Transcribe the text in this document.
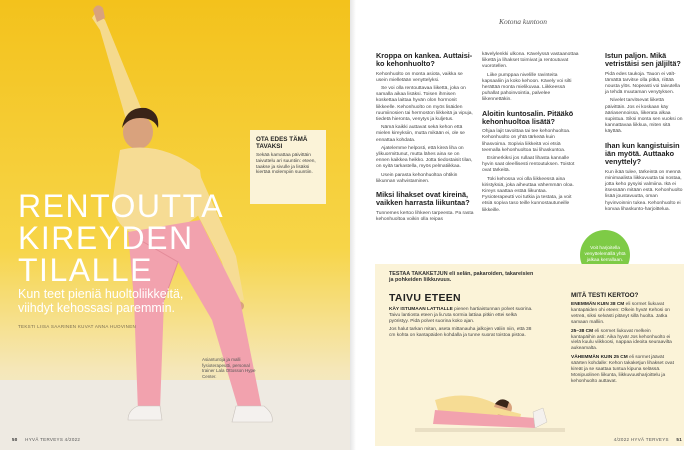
RENTOUTTA
KIREYDEN
TILALLE

Kun teet pieniä huoltoliikkeitä, viihdyt kehossasi paremmin.

TEKSTI LIISA SAARINEN KUVAT ANNA HUOVINEN

OTA EDES TÄMÄ TAVAKSI

Sekää kamattaa päivittäin taivuttelu ari suuntiin: eteen, taakse ja sivulle ja lisäksi kiertää molempiin suuntiin.

Asiantuntija ja malli fysioterapeutti, personal trainer Lala Ottosson Hype Center.

50 HYVÄ TERVEYS 4/2022

Kotona kuntoon

Kroppa on kankea. Auttaisi-ko kehonhuolto?

Kehonhuolto on monta asiota, vaikka se usein mielletään venyttelyksi.

Se voi olla rentouttavaa liikettä, joka on samalla aikaa lisäksi. Toisen ihmisen koskettaa laittaa hyvän olon hormonit liikkeelle. Kehonhuolto on myös lisäiden ruumiinosien tai hermoston liikkeitä ja vipuja, tiedetä hieronta, venytys ja kuljetus.

Nämä kaikki auttavat sekä kehon että mielen kireyksiin, mutta mikään ei, ole se ennattaa kohdata.

Ajatelemme helposti, että kireä liha on ylikuormittunut, mutta lähes aina se on ennen kaikkea heikko. Jotta tiedostaisit tilan, on syitä tarkastella, myös pelmatiikkaa.

Usein parasta kehonhuoltoa ohtikin liikunnan vahvistaminen.

Miksi lihakset ovat kireinä, vaikken harrasta liikuntaa?

Tunnemes kertoo lihkeen tarpeesta. Pa rasta kehonhuoltoa voikin olla reipas

kävelylenkki ulkona. Kävelyssä vastaanottaa liikettä ja lihakset toimivat ja rentoutuvat vuorotellen.

Liike pumppaa nivelille ravinteita kapsaaliin ja koko kehoon. Kävely voi silti herättää monta mielikuvaa. Liikkeessä puhallat pahoinvointia, palvelee liikennettäkin.

Aloitin kuntosalin. Pitääkö kehonhuoltoa lisätä?

Ohjaa lajit tavoittaa tai tee kehonhuoltoa. Kehonhuolto on yhtä tärkeää kuin lihasvoima. Sopivia liikkeitä voi etsiä teemalla kehonhuoltoa tai lihaskuntoa.

Esimerkiksi jos rullaat lihasta kannalle hyvin saat oleellisesti rentoutuksen. Toistot ovat tärkeitä.

Toki kehossa voi olla liikkeessä aina kiristyksiä, joka aiheuttaa vähemmän oloa. Kireys saattaa estää liikuntaa. Fysioterapeutti voi tutkia ja testata, ja voit etsiä sopiva taso teille kunnostautuneille liikkeille.

Istun paljon. Mikä vetristäisi sen jäljiltä?

Pidä edes taukoja. Tauon ei vält-tämättä tarvitse olla pitkä, riittää nousta ylös. Nopeasti voi taivutella ja tehdä muutaman venytyksen.

Nivelet tarvitsevat liikettä päivittäin. Jos ei koskaan käy ääriasennoissa, liikerata alkaa supistua. Siksi monta sen vuoksi on kannattavaa liikkua, miten sitä käyttää.

Ihan kun kangistuisin iän myötä. Auttaako venyttely?

Kun ikää tulee, tärkeintä on mennä minimaalista liikkuvuutta tai nostaa, jotta keho pysyisi valmiina. Ikä ei itsessään mitään estä. Kehonhuolto lisää joustavuutta, oman hyvinvoinnin tukea. Kehonhuolto ei korvaa lihaskunto-harjoittelua.

Voit harjoitella venyttelemällä yhtä jalkaa kerrallaan.

TESTAA TAKAKETJUN eli selän, pakaroiden, takareisien ja pohkeiden liikkuvuus.

TAIVU ETEEN

KÄY ISTUMAAN LATTIALLE pienen hartiaistunnan polvet suorina. Taivu lantiosta eteen ja liu'uta sormia lattiaa pitkin ettei selkä pyöristyy. Pidä polvet suorina koko ajan.

Jos halut tarkan mitan, aseta mittanauha jalkojen väliin niin, että 38 cm kohta on kantapäiden kohdalla ja tunne suorat toistoa pistoa.

MITÄ TESTI KERTOO?

ENEMMÄN KUIN 38 CM eli sormet liukuvat kantapäiden ohi eteen: Olkein hyvä! Kehosi on vetreä, siksi selvästi pitänyt sillä huolta. Jatka samaan malliin.

25–38 CM eli sormet liukuvat melkein kantapäihin asti: Aika hyvä! Jos kehonhuolto ei vielä kuulu viikkoosi, nappaa ideoita seuraavilta aukeamalta.

VÄHEMMÄN KUIN 25 CM eli sormet jäävät säärten kohdalle: Kehon takaketjun lihakset ovat kireät ja se saattaa tuntua kipuna selässä. Monipuolinen liikunta, liikkuvuusharjoittelu ja kehonhuolto auttavat.

4/2022 HYVÄ TERVEYS 51
